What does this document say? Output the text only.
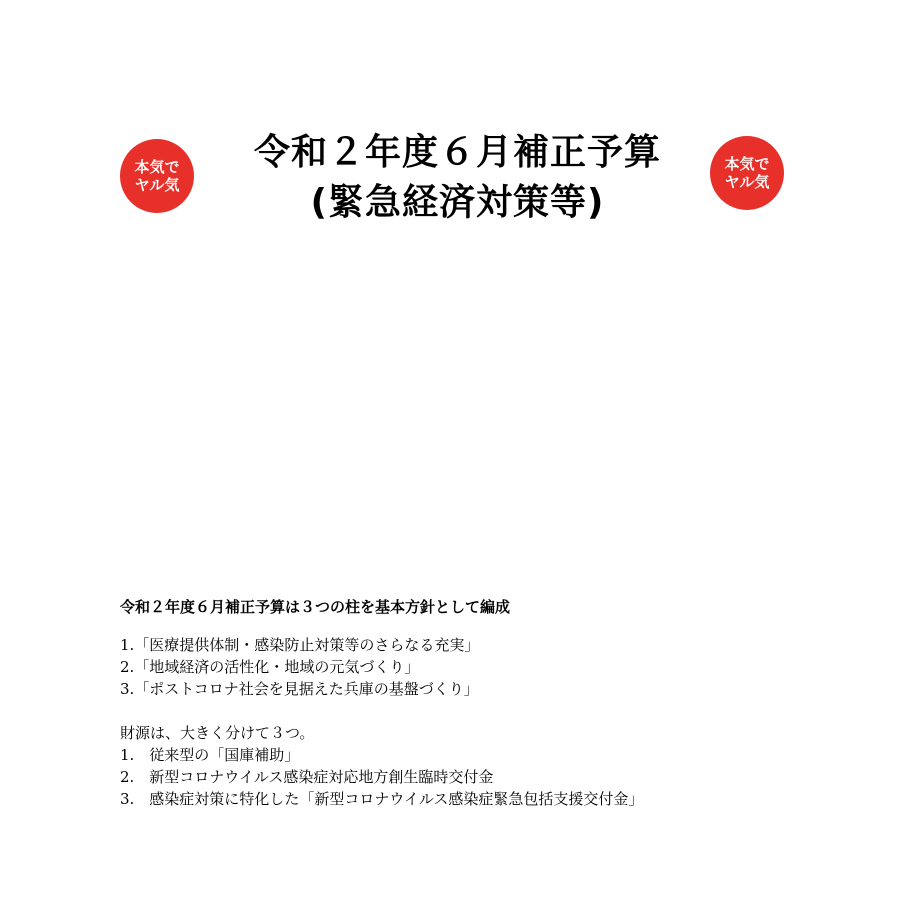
本気で
ヤル気
令和２年度６月補正予算
(緊急経済対策等)
本気で
ヤル気
令和２年度６月補正予算は３つの柱を基本方針として編成
1.「医療提供体制・感染防止対策等のさらなる充実」
2.「地域経済の活性化・地域の元気づくり」
3.「ポストコロナ社会を見据えた兵庫の基盤づくり」
財源は、大きく分けて３つ。
1.　従来型の「国庫補助」
2.　新型コロナウイルス感染症対応地方創生臨時交付金
3.　感染症対策に特化した「新型コロナウイルス感染症緊急包括支援交付金」
